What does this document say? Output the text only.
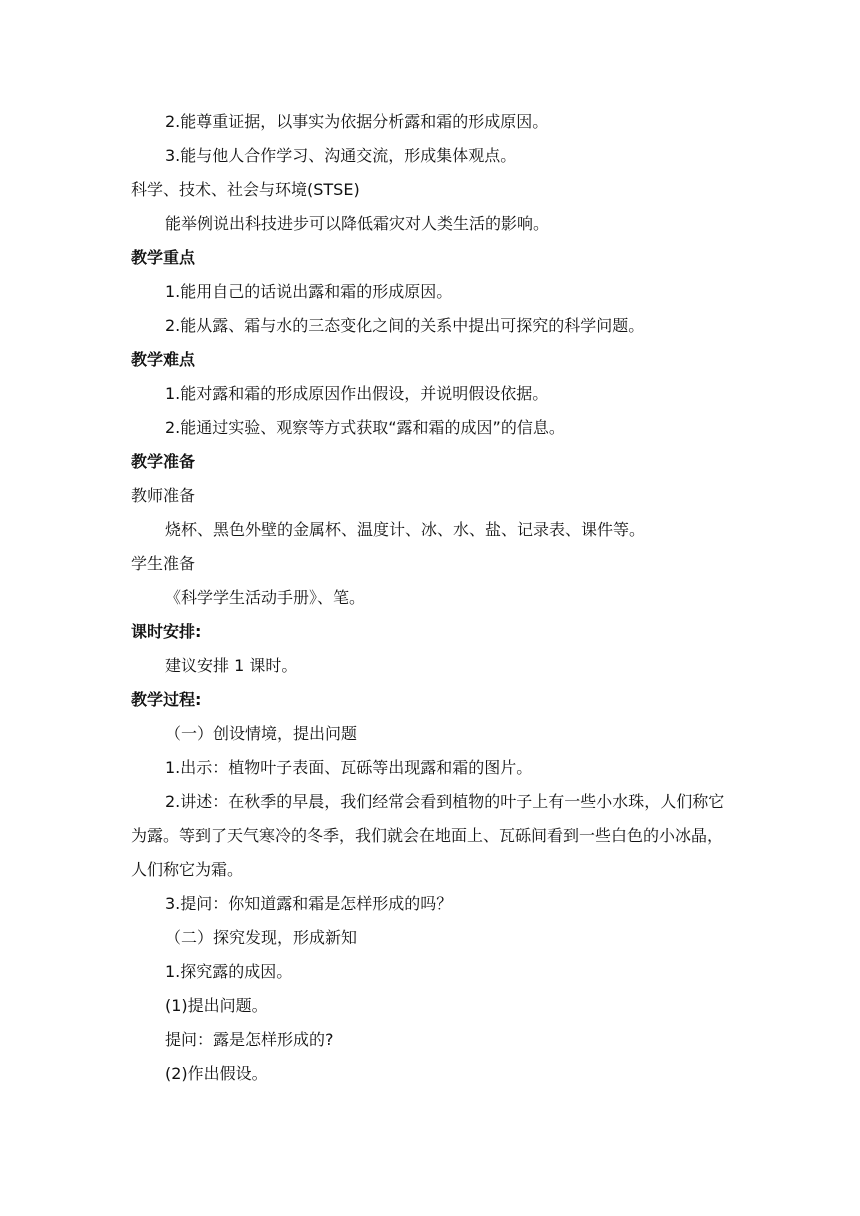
2.能尊重证据，以事实为依据分析露和霜的形成原因。
3.能与他人合作学习、沟通交流，形成集体观点。
科学、技术、社会与环境(STSE)
能举例说出科技进步可以降低霜灾对人类生活的影响。
教学重点
1.能用自己的话说出露和霜的形成原因。
2.能从露、霜与水的三态变化之间的关系中提出可探究的科学问题。
教学难点
1.能对露和霜的形成原因作出假设，并说明假设依据。
2.能通过实验、观察等方式获取“露和霜的成因”的信息。
教学准备
教师准备
烧杯、黑色外壁的金属杯、温度计、冰、水、盐、记录表、课件等。
学生准备
《科学学生活动手册》、笔。
课时安排:
建议安排 1 课时。
教学过程:
（一）创设情境，提出问题
1.出示：植物叶子表面、瓦砾等出现露和霜的图片。
2.讲述：在秋季的早晨，我们经常会看到植物的叶子上有一些小水珠，人们称它为露。等到了天气寒冷的冬季，我们就会在地面上、瓦砾间看到一些白色的小冰晶，人们称它为霜。
3.提问：你知道露和霜是怎样形成的吗？
（二）探究发现，形成新知
1.探究露的成因。
(1)提出问题。
提问：露是怎样形成的?
(2)作出假设。
